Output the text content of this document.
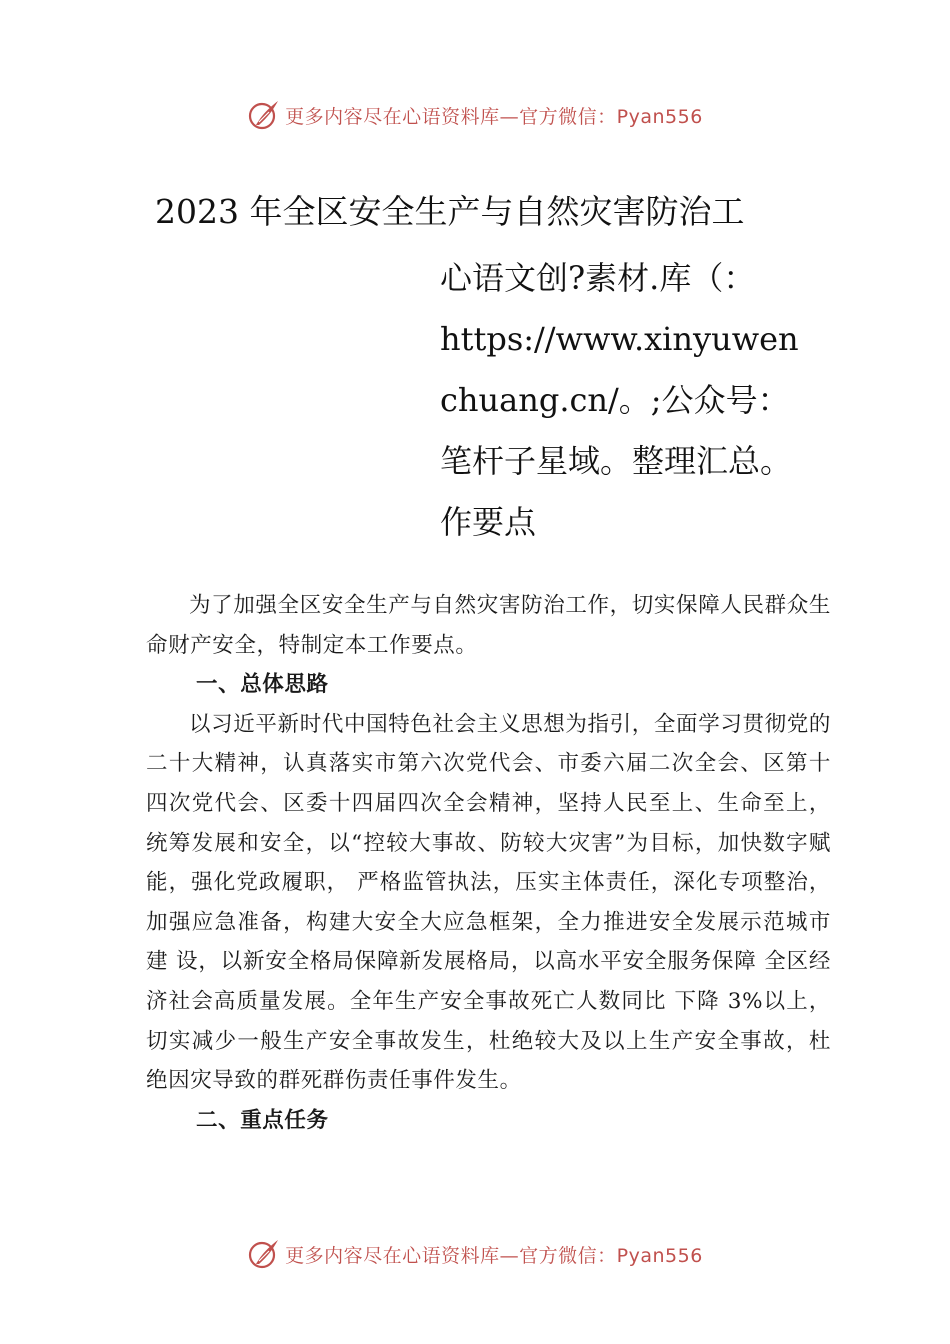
更多内容尽在心语资料库—官方微信：Pyan556
2023 年全区安全生产与自然灾害防治工
心语文创?素材.库（：
https://www.xinyuwen
chuang.cn/。;公众号：
笔杆子星域。整理汇总。
作要点

为了加强全区安全生产与自然灾害防治工作，切实保障人民群众生命财产安全，特制定本工作要点。

一、总体思路

以习近平新时代中国特色社会主义思想为指引，全面学习贯彻党的二十大精神，认真落实市第六次党代会、市委六届二次全会、区第十四次党代会、区委十四届四次全会精神，坚持人民至上、生命至上，统筹发展和安全，以“控较大事故、防较大灾害”为目标，加快数字赋能，强化党政履职， 严格监管执法，压实主体责任，深化专项整治，加强应急准备，构建大安全大应急框架，全力推进安全发展示范城市建 设，以新安全格局保障新发展格局，以高水平安全服务保障 全区经济社会高质量发展。全年生产安全事故死亡人数同比 下降 3%以上，切实减少一般生产安全事故发生，杜绝较大及以上生产安全事故，杜绝因灾导致的群死群伤责任事件发生。

二、重点任务
更多内容尽在心语资料库—官方微信：Pyan556
